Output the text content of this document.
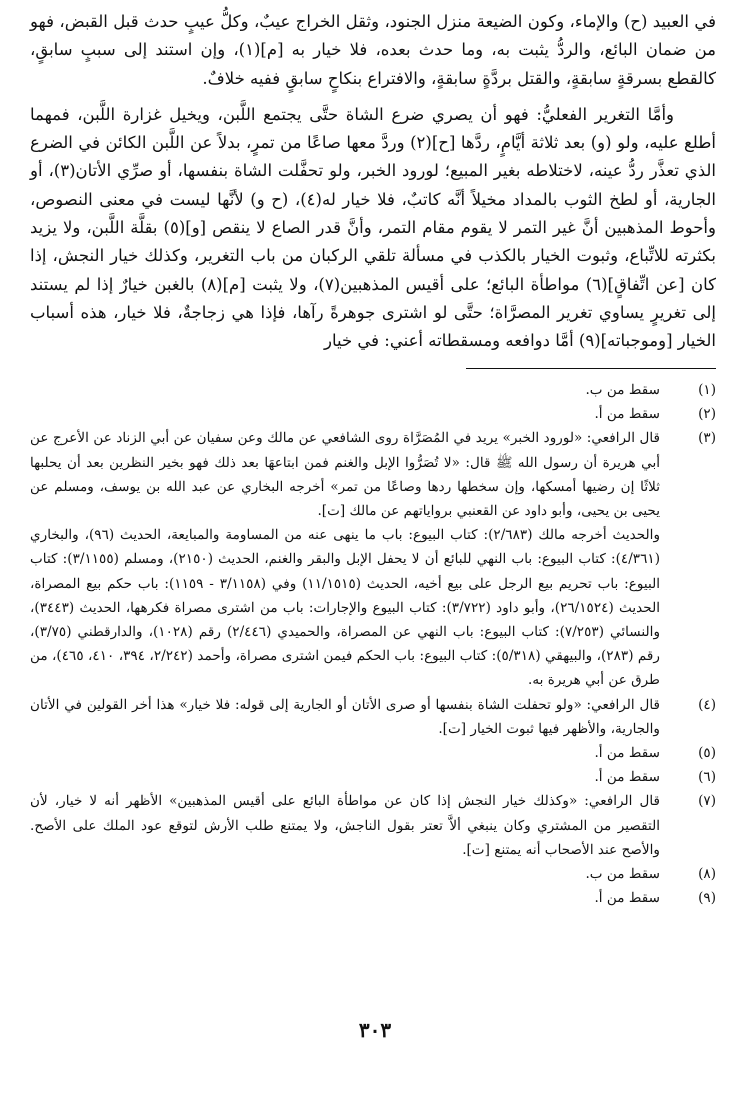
في العبيد (ح) والإماء، وكون الضيعة منزل الجنود، وثقل الخراج عيبٌ، وكلُّ عيبٍ حدث قبل القبض، فهو من ضمان البائع، والردُّ يثبت به، وما حدث بعده، فلا خيار به [م](١)، وإن استند إلى سببٍ سابقٍ، كالقطع بسرقةٍ سابقةٍ، والقتل بردَّةٍ سابقةٍ، والافتراع بنكاحٍ سابقٍ ففيه خلافٌ.

وأمَّا التغرير الفعليُّ: فهو أن يصري ضرع الشاة حتَّى يجتمع اللَّبن، ويخيل غزارة اللَّبن، فمهما أطلع عليه، ولو (و) بعد ثلاثة أيَّامٍ، ردَّها [ح](٢) وردَّ معها صاعًا من تمرٍ، بدلاً عن اللَّبن الكائن في الضرع الذي تعذَّر ردُّ عينه، لاختلاطه بغير المبيع؛ لورود الخبر، ولو تحفَّلت الشاة بنفسها، أو صرِّي الأتان(٣)، أو الجارية، أو لطخ الثوب بالمداد مخيلاً أنَّه كاتبٌ، فلا خيار له(٤)، (ح و) لأنَّها ليست في معنى النصوص، وأحوط المذهبين أنَّ غير التمر لا يقوم مقام التمر، وأنَّ قدر الصاع لا ينقص [و](٥) بقلَّة اللَّبن، ولا يزيد بكثرته للاتِّباع، وثبوت الخيار بالكذب في مسألة تلقي الركبان من باب التغرير، وكذلك خيار النجش، إذا كان [عن اتِّفاقٍ](٦) مواطأة البائع؛ على أقيس المذهبين(٧)، ولا يثبت [م](٨) بالغبن خيارٌ إذا لم يستند إلى تغريرٍ يساوي تغرير المصرَّاة؛ حتَّى لو اشترى جوهرةً رآها، فإذا هي زجاجةٌ، فلا خيار، هذه أسباب الخيار [وموجباته](٩) أمَّا دوافعه ومسقطاته أعني: في خيار

(١)

سقط من ب.

(٢)

سقط من أ.

(٣)

قال الرافعي: «لورود الخبر» يريد في المُصَرَّاة روى الشافعي عن مالك وعن سفيان عن أبي الزناد عن الأعرج عن أبي هريرة أن رسول الله ﷺ قال: «لا تُصَرُّوا الإبل والغنم فمن ابتاعهَا بعد ذلك فهو بخير النظرين بعد أن يحلبها ثلاثًا إن رضيها أمسكها، وإن سخطها ردها وصاعًا من تمر» أخرجه البخاري عن عبد الله بن يوسف، ومسلم عن يحيى بن يحيى، وأبو داود عن القعنبي برواياتهم عن مالك [ت].

والحديث أخرجه مالك (٢/٦٨٣): كتاب البيوع: باب ما ينهى عنه من المساومة والمبايعة، الحديث (٩٦)، والبخاري (٤/٣٦١): كتاب البيوع: باب النهي للبائع أن لا يحفل الإبل والبقر والغنم، الحديث (٢١٥٠)، ومسلم (٣/١١٥٥): كتاب البيوع: باب تحريم بيع الرجل على بيع أخيه، الحديث (١١/١٥١٥) وفي (٣/١١٥٨ - ١١٥٩): باب حكم بيع المصراة، الحديث (٢٦/١٥٢٤)، وأبو داود (٣/٧٢٢): كتاب البيوع والإجارات: باب من اشترى مصراة فكرهها، الحديث (٣٤٤٣)، والنسائي (٧/٢٥٣): كتاب البيوع: باب النهي عن المصراة، والحميدي (٢/٤٤٦) رقم (١٠٢٨)، والدارقطني (٣/٧٥)، رقم (٢٨٣)، والبيهقي (٥/٣١٨): كتاب البيوع: باب الحكم فيمن اشترى مصراة، وأحمد (٢/٢٤٢، ٣٩٤، ٤١٠، ٤٦٥)، من طرق عن أبي هريرة به.

(٤)

قال الرافعي: «ولو تحفلت الشاة بنفسها أو صرى الأتان أو الجارية إلى قوله: فلا خيار» هذا أخر القولين في الأتان والجارية، والأظهر فيها ثبوت الخيار [ت].

(٥)

سقط من أ.

(٦)

سقط من أ.

(٧)

قال الرافعي: «وكذلك خيار النجش إذا كان عن مواطأة البائع على أقيس المذهبين» الأظهر أنه لا خيار، لأن التقصير من المشتري وكان ينبغي ألاَّ تعتر بقول الناجش، ولا يمتنع طلب الأرش لتوقع عود الملك على الأصح. والأصح عند الأصحاب أنه يمتنع [ت].

(٨)

سقط من ب.

(٩)

سقط من أ.

٣٠٣
